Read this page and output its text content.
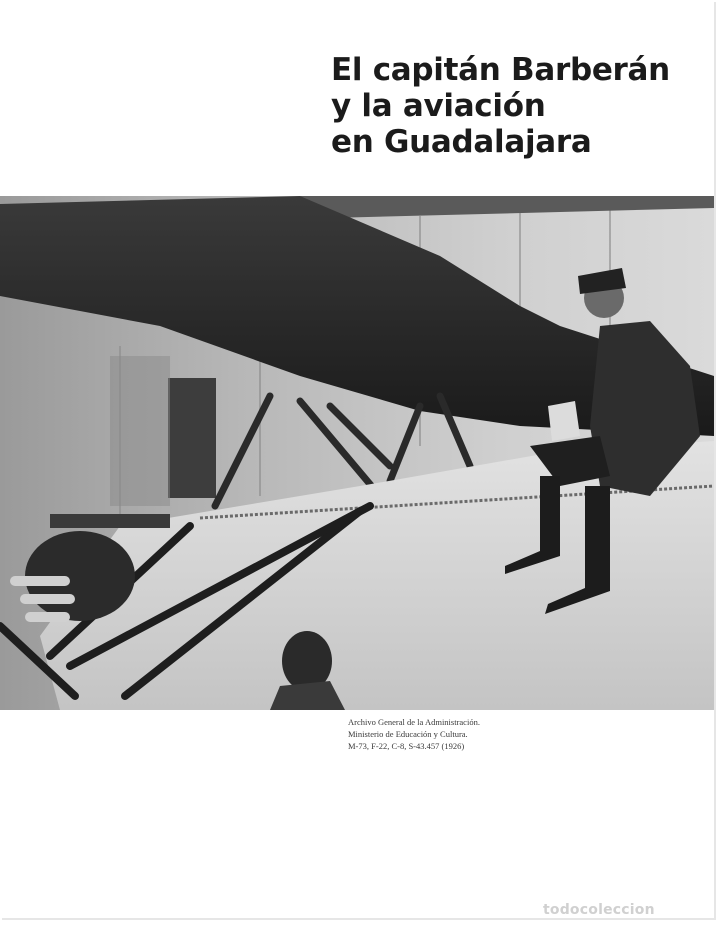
El capitán Barberán
y la aviación
en Guadalajara
Archivo General de la Administración.
Ministerio de Educación y Cultura.
M-73, F-22, C-8, S-43.457 (1926)
todocoleccion
